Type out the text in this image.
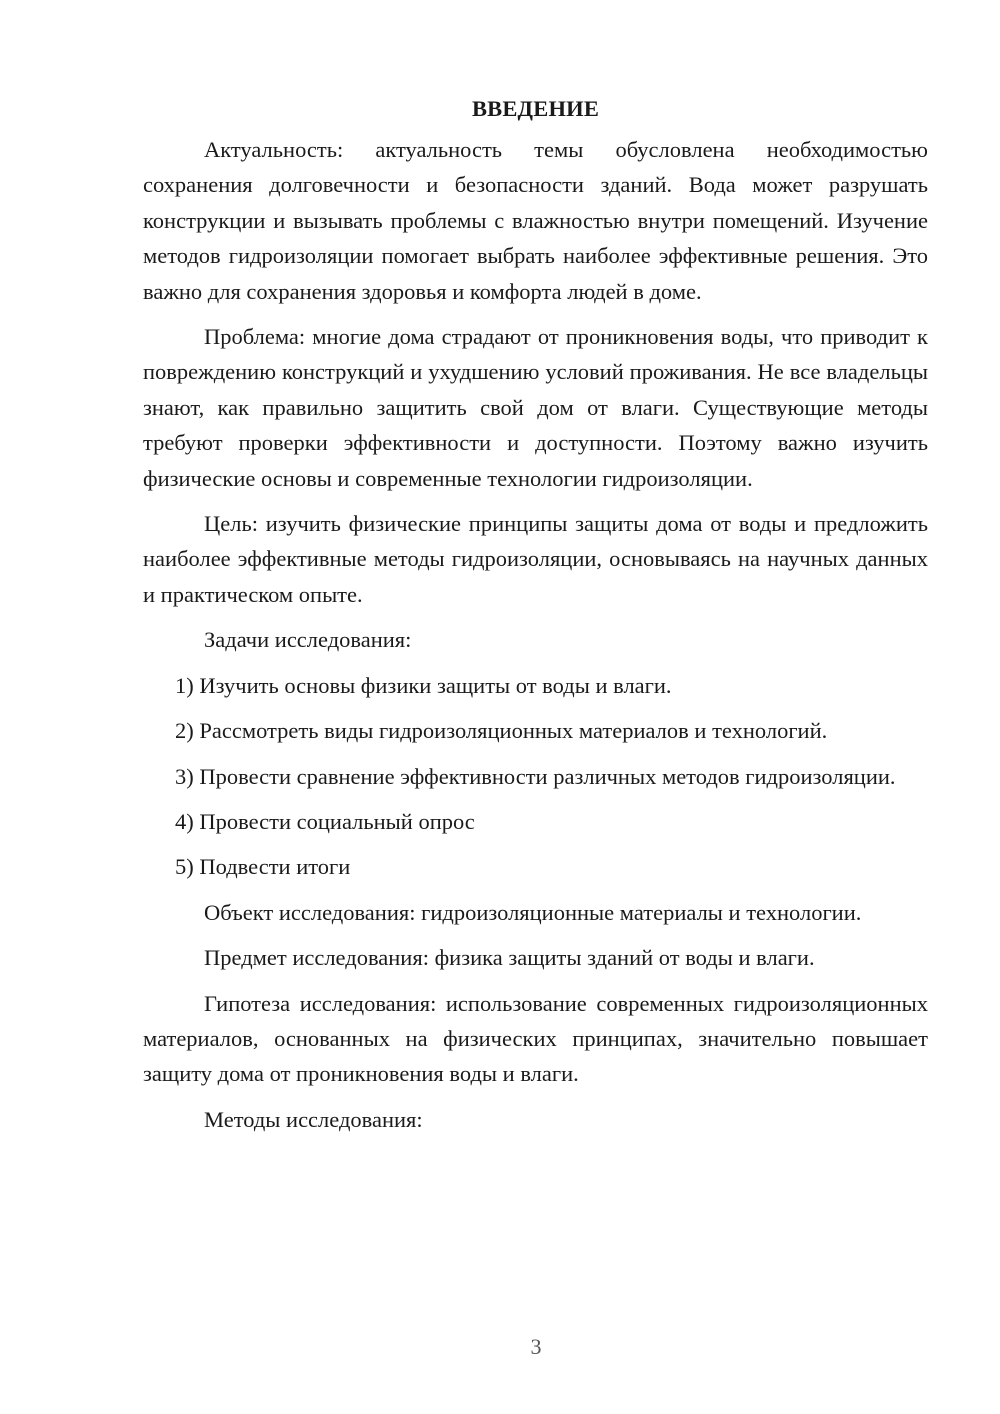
ВВЕДЕНИЕ

Актуальность: актуальность темы обусловлена необходимостью сохранения долговечности и безопасности зданий. Вода может разрушать конструкции и вызывать проблемы с влажностью внутри помещений. Изучение методов гидроизоляции помогает выбрать наиболее эффективные решения. Это важно для сохранения здоровья и комфорта людей в доме.

Проблема: многие дома страдают от проникновения воды, что приводит к повреждению конструкций и ухудшению условий проживания. Не все владельцы знают, как правильно защитить свой дом от влаги. Существующие методы требуют проверки эффективности и доступности. Поэтому важно изучить физические основы и современные технологии гидроизоляции.

Цель: изучить физические принципы защиты дома от воды и предложить наиболее эффективные методы гидроизоляции, основываясь на научных данных и практическом опыте.

Задачи исследования:

1) Изучить основы физики защиты от воды и влаги.

2) Рассмотреть виды гидроизоляционных материалов и технологий.

3) Провести сравнение эффективности различных методов гидроизоляции.

4) Провести социальный опрос

5) Подвести итоги

Объект исследования: гидроизоляционные материалы и технологии.

Предмет исследования: физика защиты зданий от воды и влаги.

Гипотеза исследования: использование современных гидроизоляционных материалов, основанных на физических принципах, значительно повышает защиту дома от проникновения воды и влаги.

Методы исследования:

3
